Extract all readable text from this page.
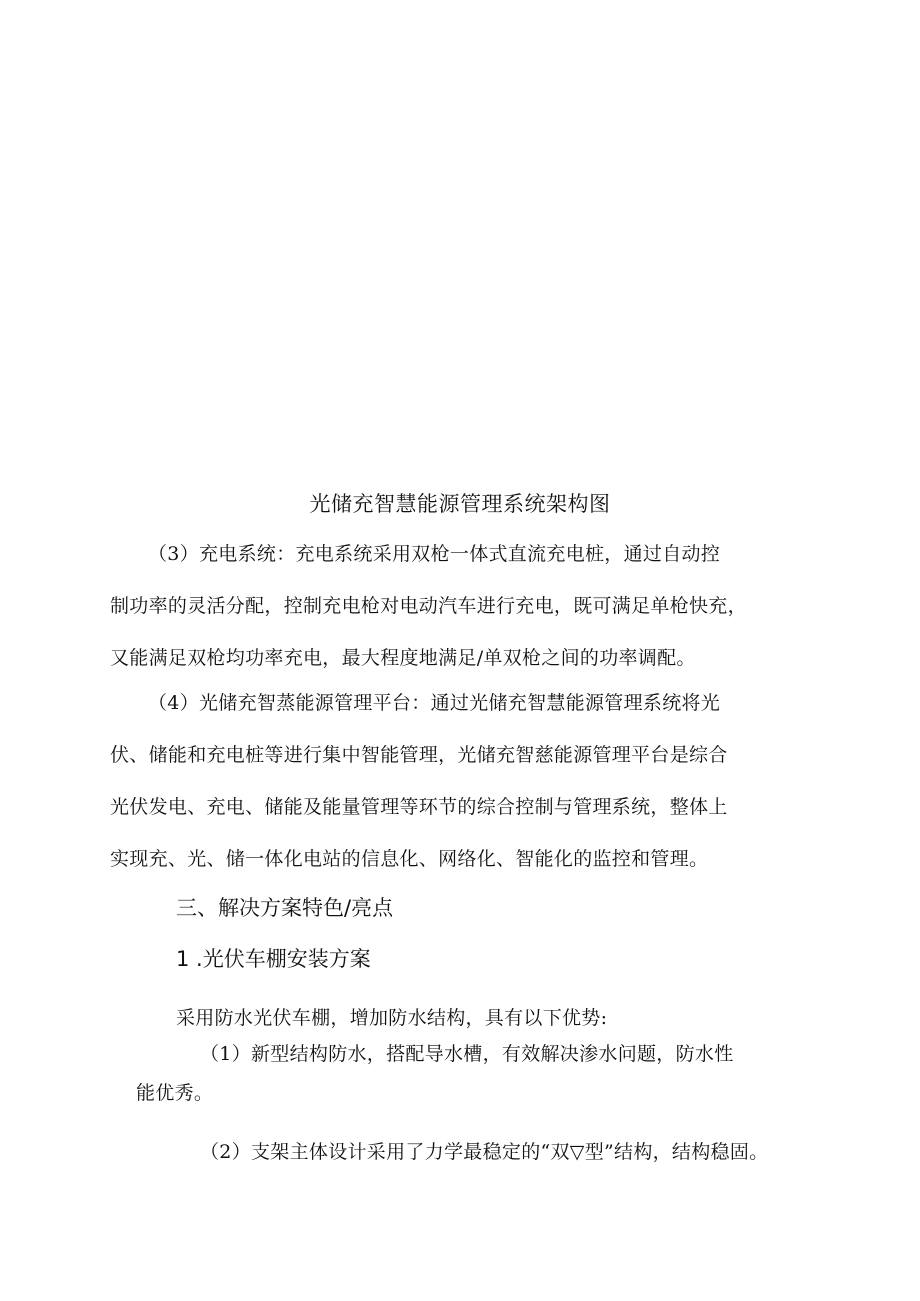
光储充智慧能源管理系统架构图

（3）充电系统：充电系统采用双枪一体式直流充电桩，通过自动控
制功率的灵活分配，控制充电枪对电动汽车进行充电，既可满足单枪快充，
又能满足双枪均功率充电，最大程度地满足/单双枪之间的功率调配。

（4）光储充智蒸能源管理平台：通过光储充智慧能源管理系统将光
伏、储能和充电桩等进行集中智能管理，光储充智慈能源管理平台是综合
光伏发电、充电、储能及能量管理等环节的综合控制与管理系统，整体上
实现充、光、储一体化电站的信息化、网络化、智能化的监控和管理。

三、解决方案特色/亮点
1 .光伏车棚安装方案
采用防水光伏车棚，增加防水结构，具有以下优势:
（1）新型结构防水，搭配导水槽，有效解决渗水问题，防水性
能优秀。
（2）支架主体设计采用了力学最稳定的“双▽型”结构，结构稳固。
